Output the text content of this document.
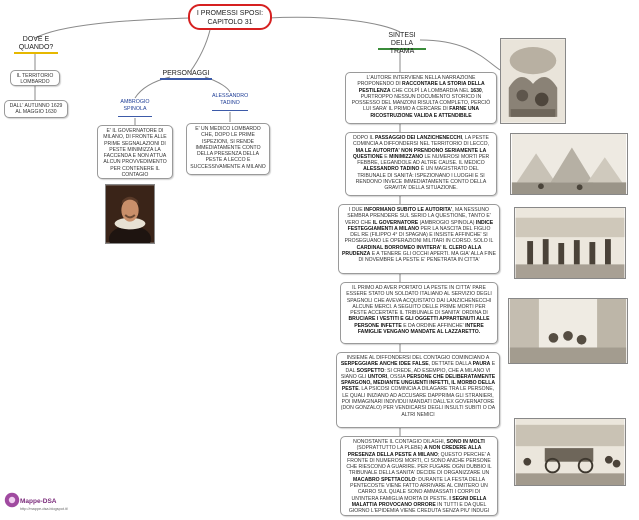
I PROMESSI SPOSI:
CAPITOLO 31
DOVE E QUANDO?
IL TERRITORIO LOMBARDO
DALL' AUTUNNO 1629 AL MAGGIO 1630
PERSONAGGI
AMBROGIO SPINOLA
E' IL GOVERNATORE DI MILANO, DI FRONTE ALLE PRIME SEGNALAZIONI DI PESTE MINIMIZZA LA FACCENDA E NON ATTUA ALCUN PROVVEDIMENTO PER CONTENERE IL CONTAGIO
ALESSANDRO TADINO
E' UN MEDICO LOMBARDO CHE, DOPO LE PRIME ISPEZIONI, SI RENDE IMMEDIATAMENTE CONTO DELLA PRESENZA DELLA PESTE A LECCO E SUCCESSIVAMENTE A MILANO
SINTESI DELLA TRAMA
L'AUTORE INTERVIENE NELLA NARRAZIONE PROPONENDO DI RACCONTARE LA STORIA DELLA PESTILENZA CHE COLPÌ LA LOMBARDIA NEL 1630, PURTROPPO NESSUN DOCUMENTO STORICO IN POSSESSO DEL MANZONI RISULTA COMPLETO, PERCIÒ LUI SARA' IL PRIMO A CERCARE DI FARNE UNA RICOSTRUZIONE VALIDA E ATTENDIBILE
DOPO IL PASSAGGIO DEI LANZICHENECCHI, LA PESTE COMINCIA A DIFFONDERSI NEL TERRITORIO DI LECCO, MA LE AUTORITA' NON PRENDONO SERIAMENTE LA QUESTIONE E MINIMIZZANO LE NUMEROSI MORTI PER FEBBRE, LEGANDOLE AD ALTRE CAUSE. IL MEDICO ALESSANDRO TADINO È UN MAGISTRATO DEL TRIBUNALE DI SANITÀ: ISPEZIONANO I LUOGHI E SI RENDONO INVECE IMMEDIATAMENTE CONTO DELLA GRAVITA' DELLA SITUAZIONE.
I DUE INFORMANO SUBITO LE AUTORITA', MA NESSUNO SEMBRA PRENDERE SUL SERIO LA QUESTIONE, TANTO E' VERO CHE IL GOVERNATORE (AMBROGIO SPINOLA) INDICE FESTEGGIAMENTI A MILANO PER LA NASCITA DEL FIGLIO DEL RE (FILIPPO 4° DI SPAGNA) E INSISTE AFFINCHE' SI PROSEGUANO LE OPERAZIONI MILITARI IN CORSO. SOLO IL CARDINAL BORROMEO INVITERA' IL CLERO ALLA PRUDENZA E A TENERE GLI OCCHI APERTI. MA GIA' ALLA FINE DI NOVEMBRE LA PESTE E' PENETRATA IN CITTA'
IL PRIMO AD AVER PORTATO LA PESTE IN CITTA' PARE ESSERE STATO UN SOLDATO ITALIANO AL SERVIZIO DEGLI SPAGNOLI CHE AVEVA ACQUISTATO DAI LANZICHENECCHI ALCUNE MERCI. A SEGUITO DELLE PRIME MORTI PER PESTE ACCERTATE IL TRIBUNALE DI SANITA' ORDINA DI BRUCIARE I VESTITI E GLI OGGETTI APPARTENUTI ALLE PERSONE INFETTE E DA ORDINE AFFINCHE' INTERE FAMIGLIE VENGANO MANDATE AL LAZZARETTO.
INSIEME AL DIFFONDERSI DEL CONTAGIO COMINCIANO A SERPEGGIARE ANCHE IDEE FALSE, DETTATE DALLA PAURA E DAL SOSPETTO: SI CREDE, AD ESEMPIO, CHE A MILANO VI SIANO GLI UNTORI, OSSIA PERSONE CHE DELIBERATAMENTE SPARGONO, MEDIANTE UNGUENTI INFETTI, IL MORBO DELLA PESTE. LA PSICOSI COMINCIA A DILAGARE TRA LE PERSONE, LE QUALI INIZIANO AD ACCUSARE DAPPRIMA GLI STRANIERI, POI IMMAGINARI INDIVIDUI MANDATI DALL'EX GOVERNATORE (DON GONZALO) PER VENDICARSI DEGLI INSULTI SUBITI O DA ALTRI NEMICI
NONOSTANTE IL CONTAGIO DILAGHI, SONO IN MOLTI (SOPRATTUTTO LA PLEBE) A NON CREDERE ALLA PRESENZA DELLA PESTE A MILANO; QUESTO PERCHE' A FRONTE DI NUMEROSI MORTI, CI SONO ANCHE PERSONE CHE RIESCONO A GUARIRE. PER FUGARE OGNI DUBBIO IL TRIBUNALE DELLA SANITA' DECIDE DI ORGANIZZARE UN MACABRO SPETTACOLO: DURANTE LA FESTA DELLA PENTECOSTE VIENE FATTO ARRIVARE AL CIMITERO UN CARRO SUL QUALE SONO AMMASSATI I CORPI DI UN'INTERA FAMIGLIA MORTA DI PESTE. I SEGNI DELLA MALATTIA PROVOCANO ORRORE IN TUTTI E DA QUEL GIORNO L'EPIDEMIA VIENE CREDUTA SENZA PIU' INDUGI
Mappe-DSA
http://mappe-dsa.blogspot.it/
